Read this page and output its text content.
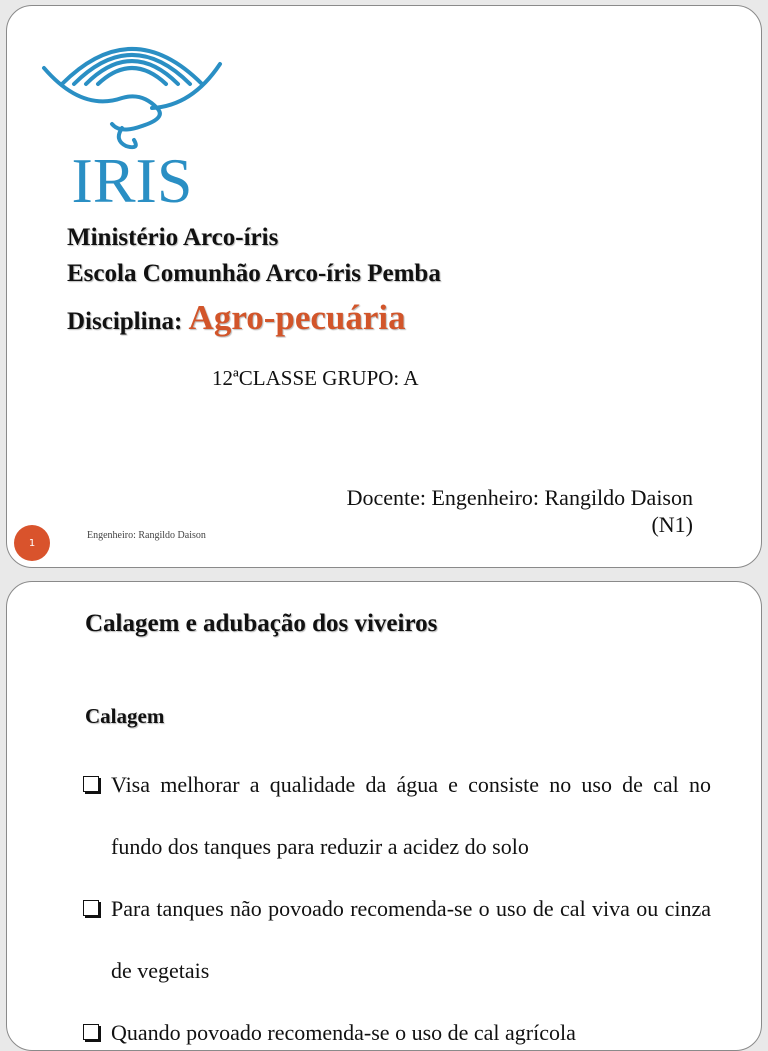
IRIS
Ministério Arco-íris
Escola Comunhão Arco-íris Pemba
Disciplina: Agro-pecuária
12ªCLASSE GRUPO: A
Docente: Engenheiro: Rangildo Daison
(N1)
1
Engenheiro: Rangildo Daison
Calagem e adubação dos viveiros
Calagem
Visa melhorar a qualidade da água e consiste no uso de cal no fundo dos tanques para reduzir a acidez do solo
Para tanques não povoado recomenda-se o uso de cal viva ou cinza de vegetais
Quando povoado recomenda-se o uso de cal agrícola
